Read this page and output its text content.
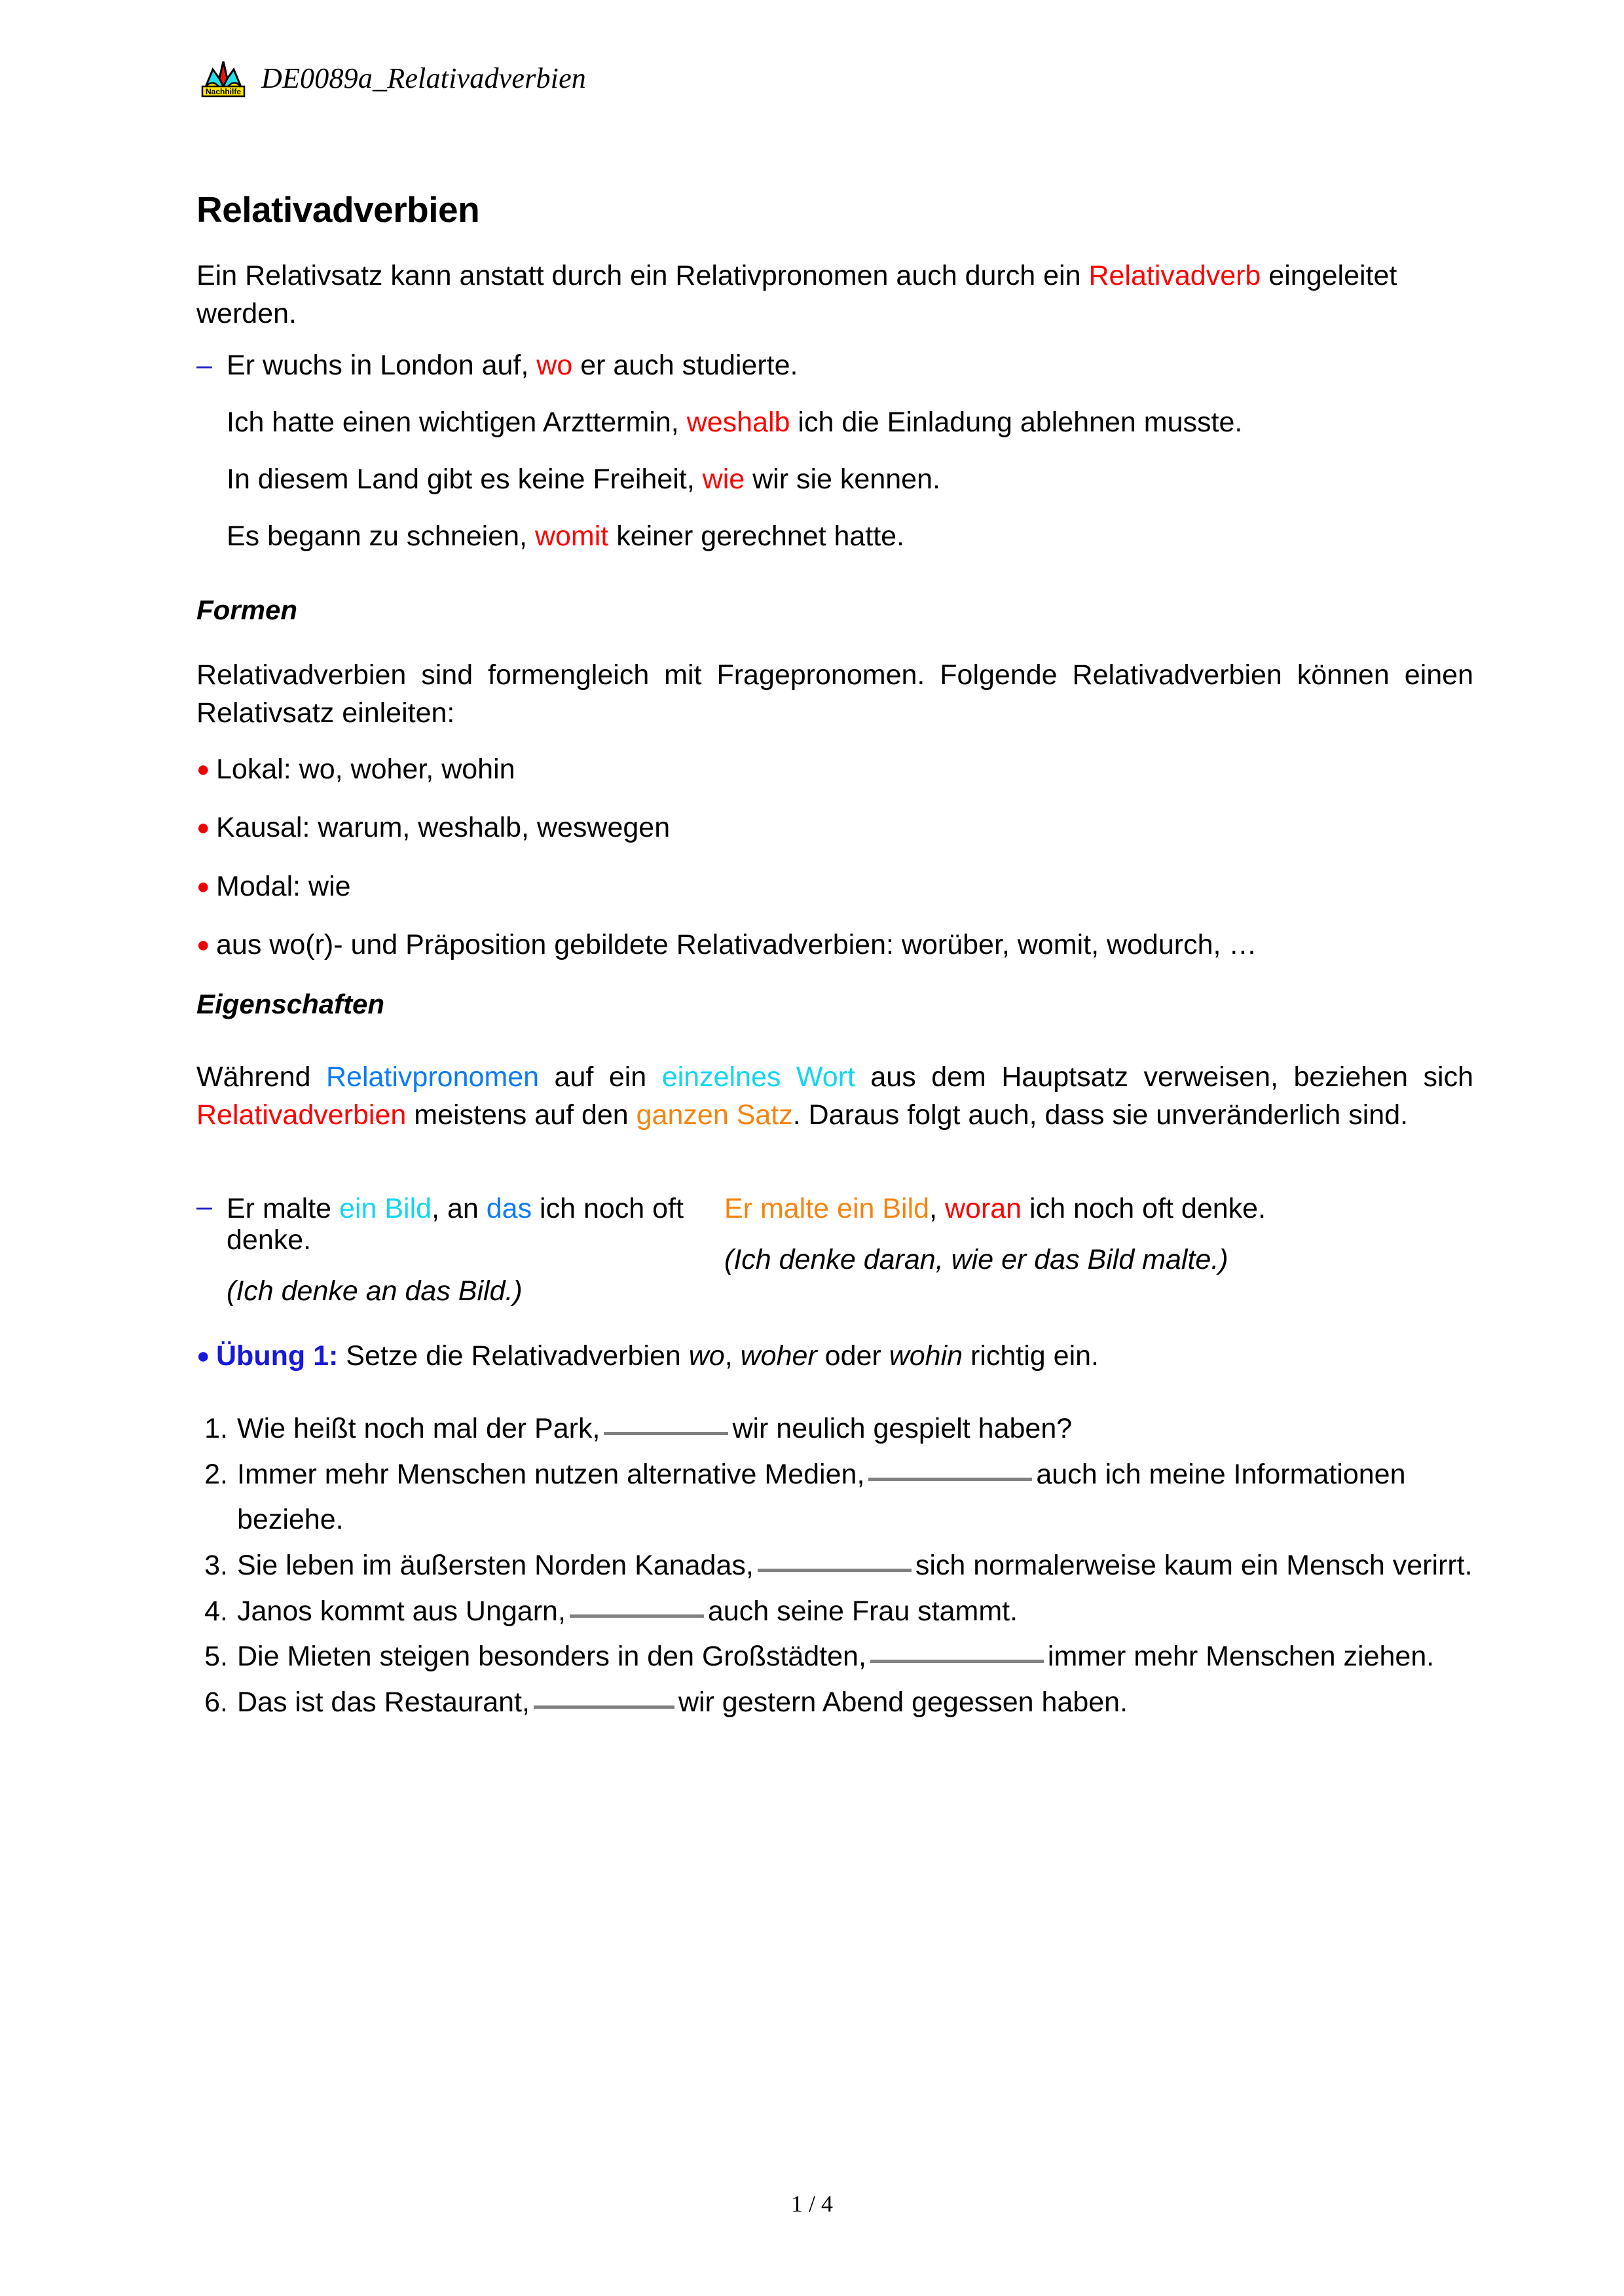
Nachhilfe DE0089a_Relativadverbien
Relativadverbien

Ein Relativsatz kann anstatt durch ein Relativpronomen auch durch ein Relativadverb eingeleitet werden.

– Er wuchs in London auf, wo er auch studierte.
Ich hatte einen wichtigen Arzttermin, weshalb ich die Einladung ablehnen musste.
In diesem Land gibt es keine Freiheit, wie wir sie kennen.
Es begann zu schneien, womit keiner gerechnet hatte.
Formen

Relativadverbien sind formengleich mit Fragepronomen. Folgende Relativadverbien können einen Relativsatz einleiten:

● Lokal: wo, woher, wohin
● Kausal: warum, weshalb, weswegen
● Modal: wie
● aus wo(r)- und Präposition gebildete Relativadverbien: worüber, womit, wodurch, …
Eigenschaften

Während Relativpronomen auf ein einzelnes Wort aus dem Hauptsatz verweisen, beziehen sich Relativadverbien meistens auf den ganzen Satz. Daraus folgt auch, dass sie unveränderlich sind.

– Er malte ein Bild, an das ich noch oft denke.
(Ich denke an das Bild.)
Er malte ein Bild, woran ich noch oft denke.
(Ich denke daran, wie er das Bild malte.)
● Übung 1: Setze die Relativadverbien wo, woher oder wohin richtig ein.
1. Wie heißt noch mal der Park,	wir neulich gespielt haben?
2. Immer mehr Menschen nutzen alternative Medien,	auch ich meine Informationen beziehe.
3. Sie leben im äußersten Norden Kanadas,	sich normalerweise kaum ein Mensch verirrt.
4. Janos kommt aus Ungarn,	auch seine Frau stammt.
5. Die Mieten steigen besonders in den Großstädten,	immer mehr Menschen ziehen.
6. Das ist das Restaurant,	wir gestern Abend gegessen haben.
1 / 4
